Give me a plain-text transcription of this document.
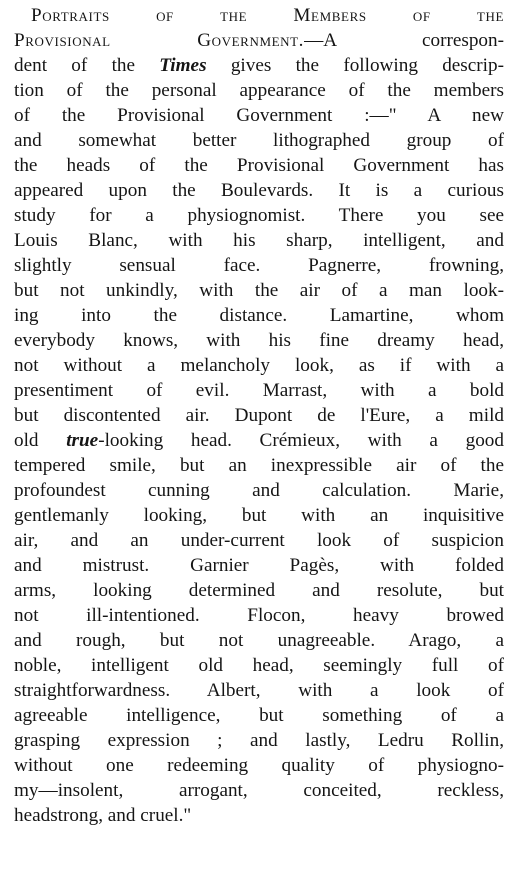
Portraits of the Members of the
Provisional Government.—A correspon-
dent of the Times gives the following descrip-
tion of the personal appearance of the members
of the Provisional Government :—" A new
and somewhat better lithographed group of
the heads of the Provisional Government has
appeared upon the Boulevards. It is a curious
study for a physiognomist. There you see
Louis Blanc, with his sharp, intelligent, and
slightly sensual face. Pagnerre, frowning,
but not unkindly, with the air of a man look-
ing into the distance. Lamartine, whom
everybody knows, with his fine dreamy head,
not without a melancholy look, as if with a
presentiment of evil. Marrast, with a bold
but discontented air. Dupont de l'Eure, a mild
old true-looking head. Crémieux, with a good
tempered smile, but an inexpressible air of the
profoundest cunning and calculation. Marie,
gentlemanly looking, but with an inquisitive
air, and an under-current look of suspicion
and mistrust. Garnier Pagès, with folded
arms, looking determined and resolute, but
not ill-intentioned. Flocon, heavy browed
and rough, but not unagreeable. Arago, a
noble, intelligent old head, seemingly full of
straightforwardness. Albert, with a look of
agreeable intelligence, but something of a
grasping expression ; and lastly, Ledru Rollin,
without one redeeming quality of physiogno-
my—insolent, arrogant, conceited, reckless,
headstrong, and cruel."
